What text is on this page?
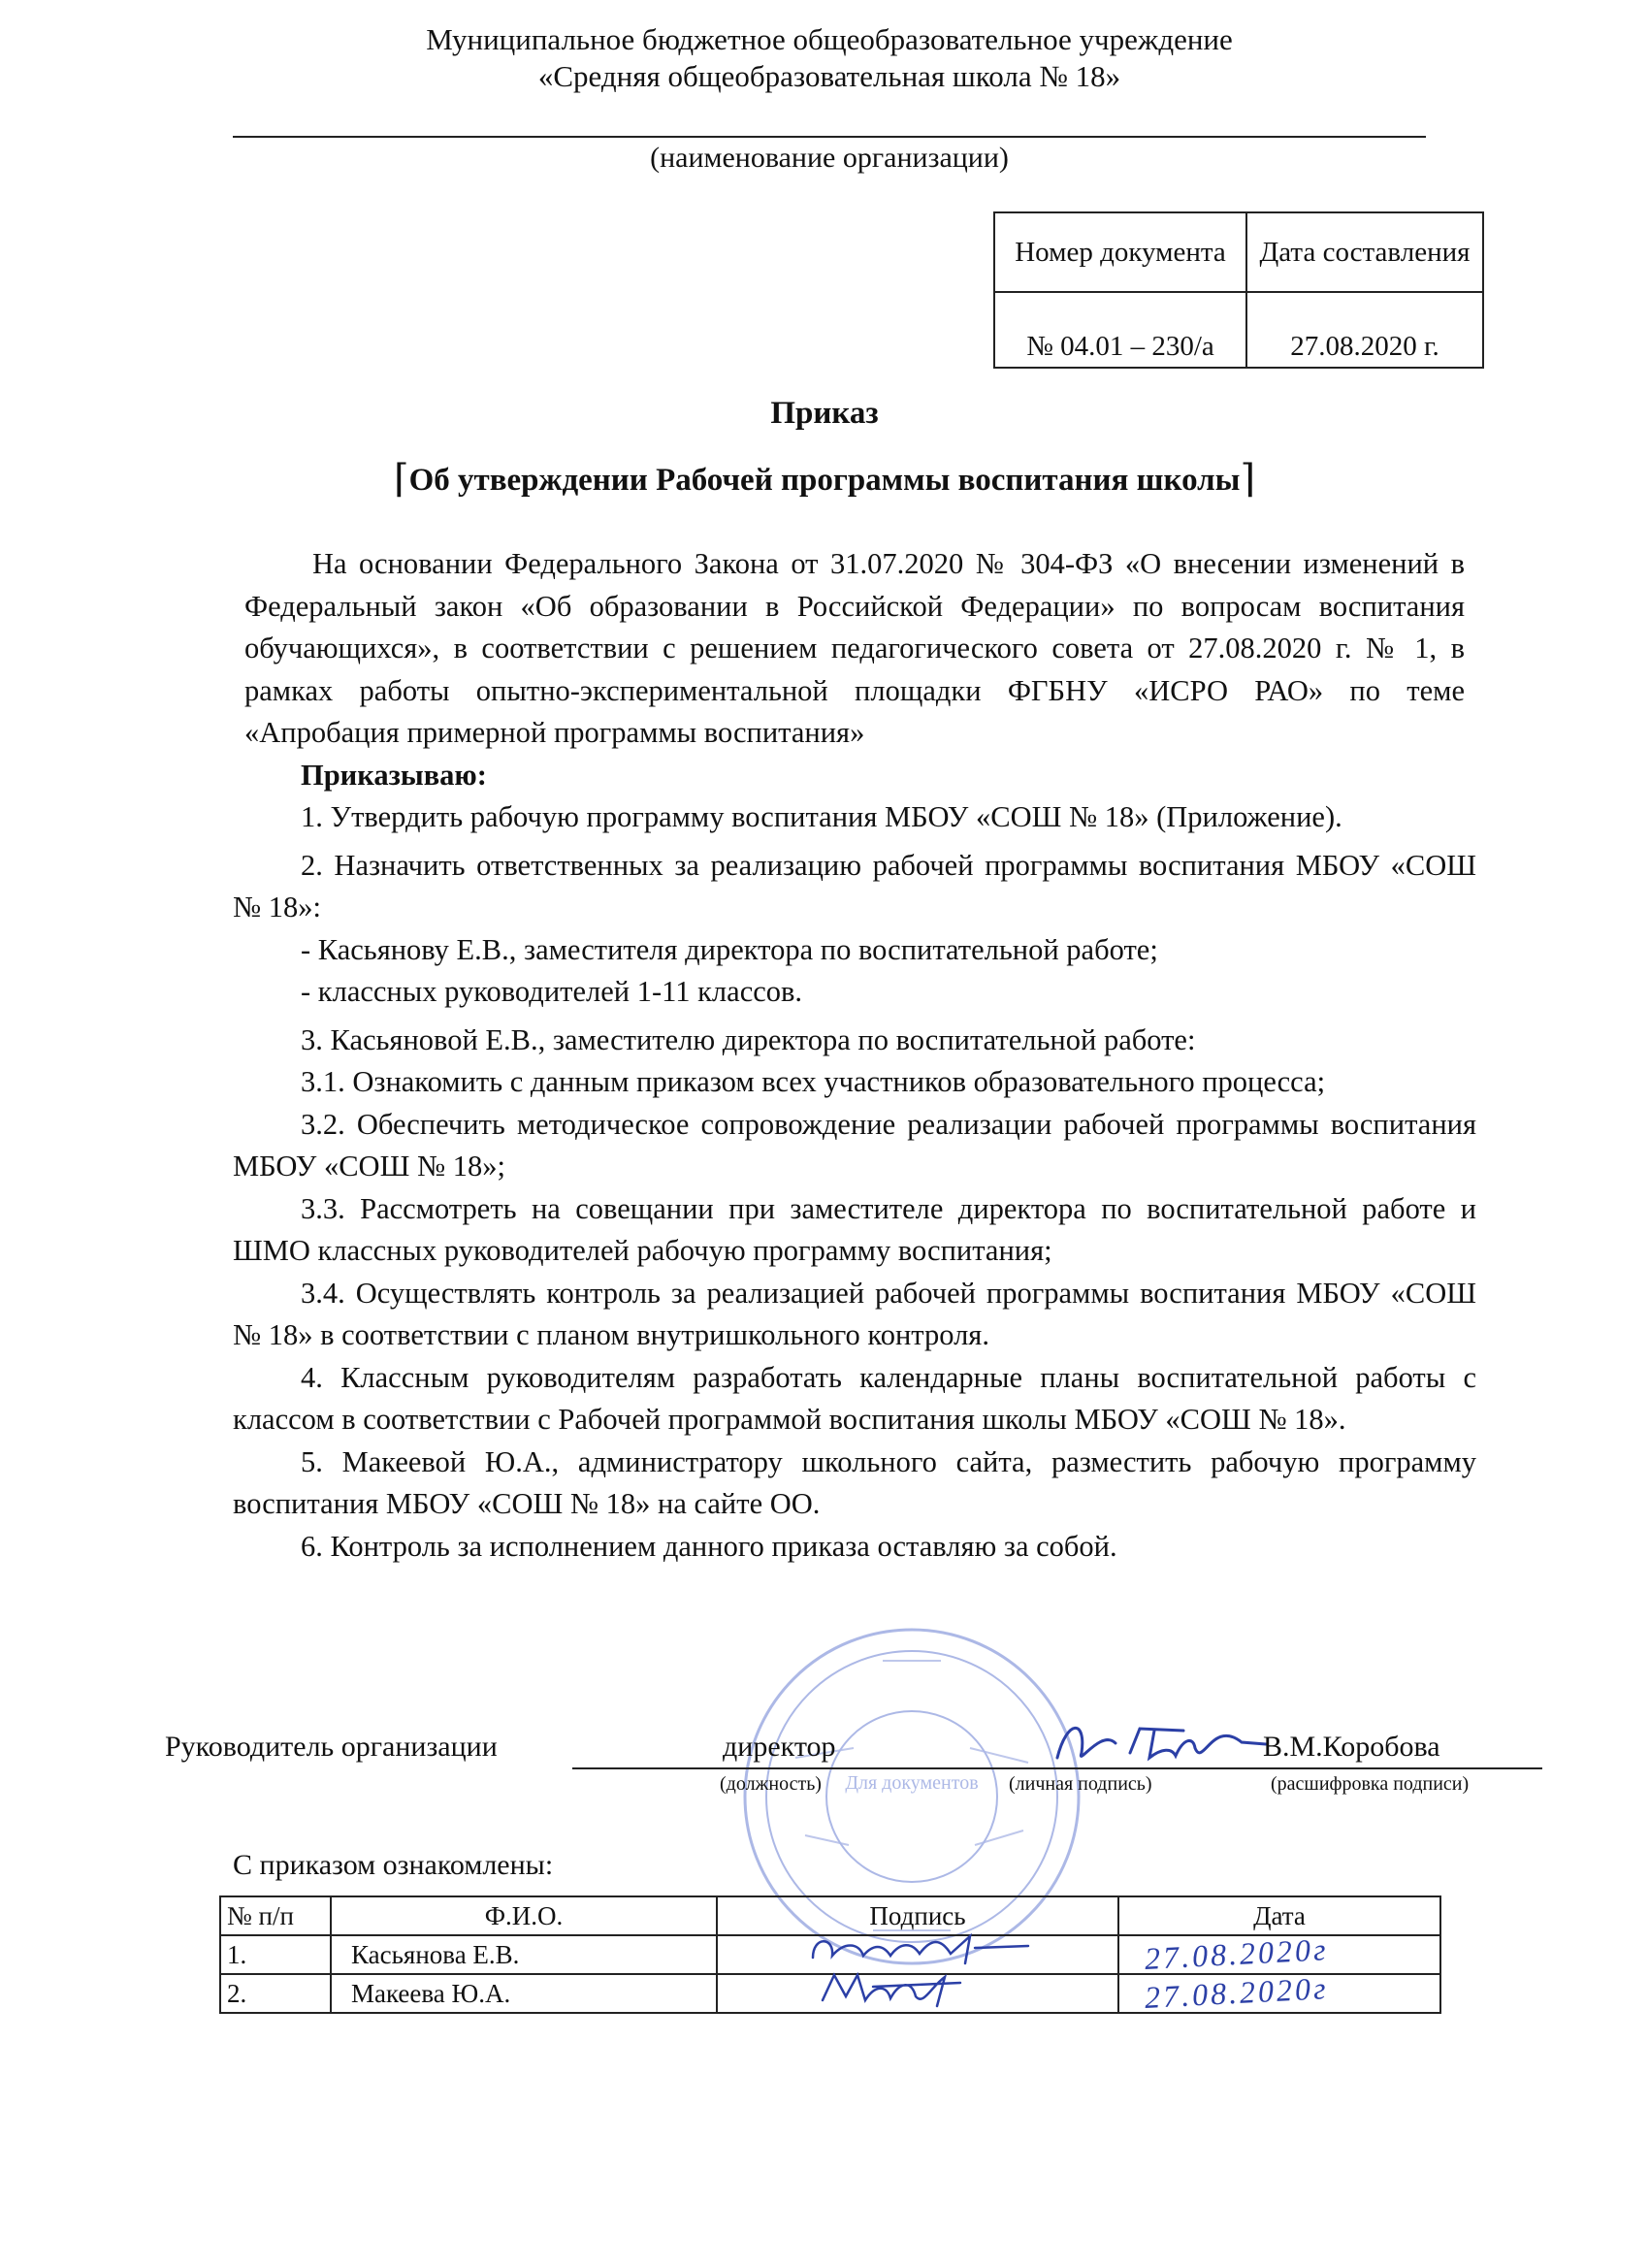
Муниципальное бюджетное общеобразовательное учреждение
«Средняя общеобразовательная школа № 18»
(наименование организации)
Номер документа	Дата составления
№ 04.01 – 230/а	27.08.2020 г.
Приказ
⌈Об утверждении Рабочей программы воспитания школы⌉

На основании Федерального Закона от 31.07.2020 № 304-ФЗ «О внесении изменений в Федеральный закон «Об образовании в Российской Федерации» по вопросам воспитания обучающихся», в соответствии с решением педагогического совета от 27.08.2020 г. № 1, в рамках работы опытно-экспериментальной площадки ФГБНУ «ИСРО РАО» по теме «Апробация примерной программы воспитания»

Приказываю:

1. Утвердить рабочую программу воспитания МБОУ «СОШ № 18» (Приложение).

2. Назначить ответственных за реализацию рабочей программы воспитания МБОУ «СОШ № 18»:

- Касьянову Е.В., заместителя директора по воспитательной работе;

- классных руководителей 1-11 классов.

3. Касьяновой Е.В., заместителю директора по воспитательной работе:

3.1. Ознакомить с данным приказом всех участников образовательного процесса;

3.2. Обеспечить методическое сопровождение реализации рабочей программы воспитания МБОУ «СОШ № 18»;

3.3. Рассмотреть на совещании при заместителе директора по воспитательной работе и ШМО классных руководителей рабочую программу воспитания;

3.4. Осуществлять контроль за реализацией рабочей программы воспитания МБОУ «СОШ № 18» в соответствии с планом внутришкольного контроля.

4. Классным руководителям разработать календарные планы воспитательной работы с классом в соответствии с Рабочей программой воспитания школы МБОУ «СОШ № 18».

5. Макеевой Ю.А., администратору школьного сайта, разместить рабочую программу воспитания МБОУ «СОШ № 18» на сайте ОО.

6. Контроль за исполнением данного приказа оставляю за собой.

Для документов
Руководитель организации	директор	В.М.Коробова
(должность)	(личная подпись)	(расшифровка подписи)
С приказом ознакомлены:
№ п/п	Ф.И.О.	Подпись	Дата
1.	Касьянова Е.В.		27.08.2020г

2.	Макеева Ю.А.		27.08.2020г
